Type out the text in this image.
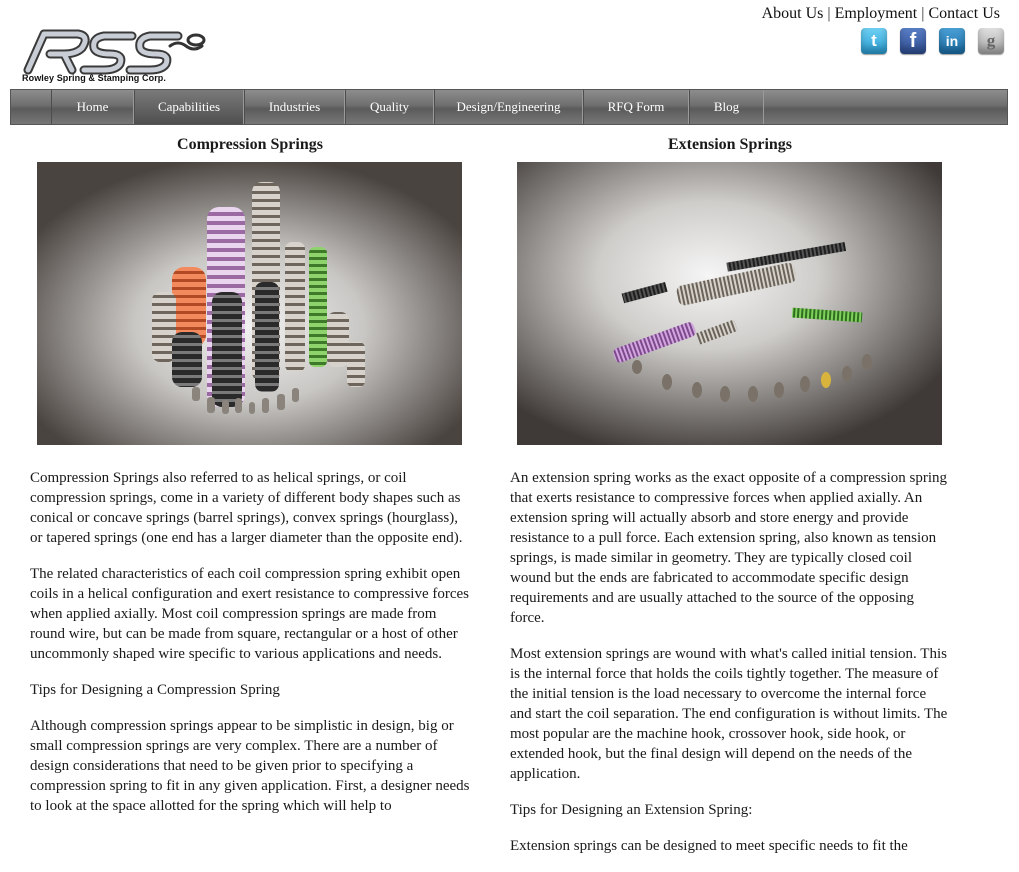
Rowley Spring & Stamping Corp.
About Us | Employment | Contact Us
t	f	in	g
Home	Capabilities	Industries	Quality	Design/Engineering	RFQ Form	Blog
Compression Springs

Compression Springs also referred to as helical springs, or coil compression springs, come in a variety of different body shapes such as conical or concave springs (barrel springs), convex springs (hourglass), or tapered springs (one end has a larger diameter than the opposite end).

The related characteristics of each coil compression spring exhibit open coils in a helical configuration and exert resistance to compressive forces when applied axially. Most coil compression springs are made from round wire, but can be made from square, rectangular or a host of other uncommonly shaped wire specific to various applications and needs.

Tips for Designing a Compression Spring

Although compression springs appear to be simplistic in design, big or small compression springs are very complex. There are a number of design considerations that need to be given prior to specifying a compression spring to fit in any given application. First, a designer needs to look at the space allotted for the spring which will help to

Extension Springs

An extension spring works as the exact opposite of a compression spring that exerts resistance to compressive forces when applied axially. An extension spring will actually absorb and store energy and provide resistance to a pull force. Each extension spring, also known as tension springs, is made similar in geometry. They are typically closed coil wound but the ends are fabricated to accommodate specific design requirements and are usually attached to the source of the opposing force.

Most extension springs are wound with what's called initial tension. This is the internal force that holds the coils tightly together. The measure of the initial tension is the load necessary to overcome the internal force and start the coil separation. The end configuration is without limits. The most popular are the machine hook, crossover hook, side hook, or extended hook, but the final design will depend on the needs of the application.

Tips for Designing an Extension Spring:

Extension springs can be designed to meet specific needs to fit the
